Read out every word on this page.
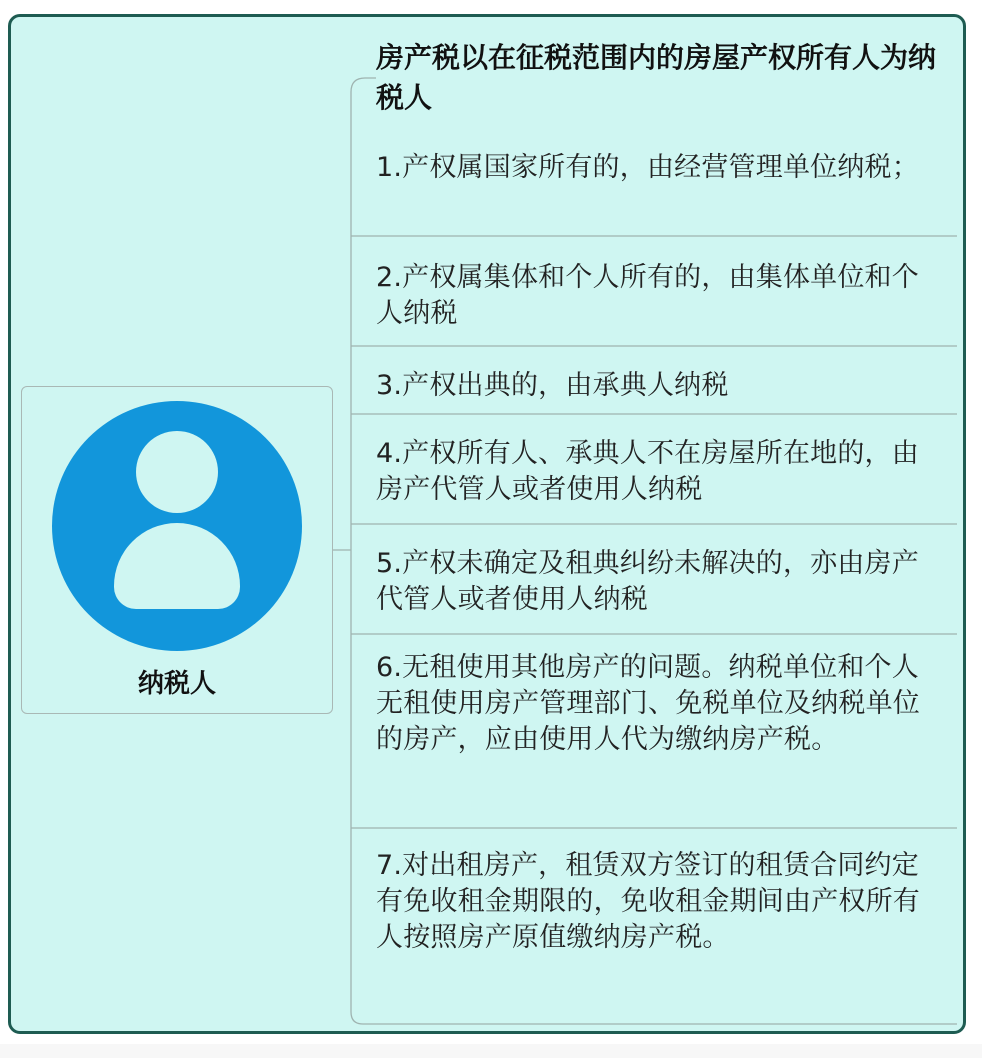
纳税人
房产税以在征税范围内的房屋产权所有人为纳税人
1.产权属国家所有的，由经营管理单位纳税；
2.产权属集体和个人所有的，由集体单位和个人纳税
3.产权出典的，由承典人纳税
4.产权所有人、承典人不在房屋所在地的，由房产代管人或者使用人纳税
5.产权未确定及租典纠纷未解决的，亦由房产代管人或者使用人纳税
6.无租使用其他房产的问题。纳税单位和个人无租使用房产管理部门、免税单位及纳税单位的房产，应由使用人代为缴纳房产税。
7.对出租房产，租赁双方签订的租赁合同约定有免收租金期限的，免收租金期间由产权所有人按照房产原值缴纳房产税。
